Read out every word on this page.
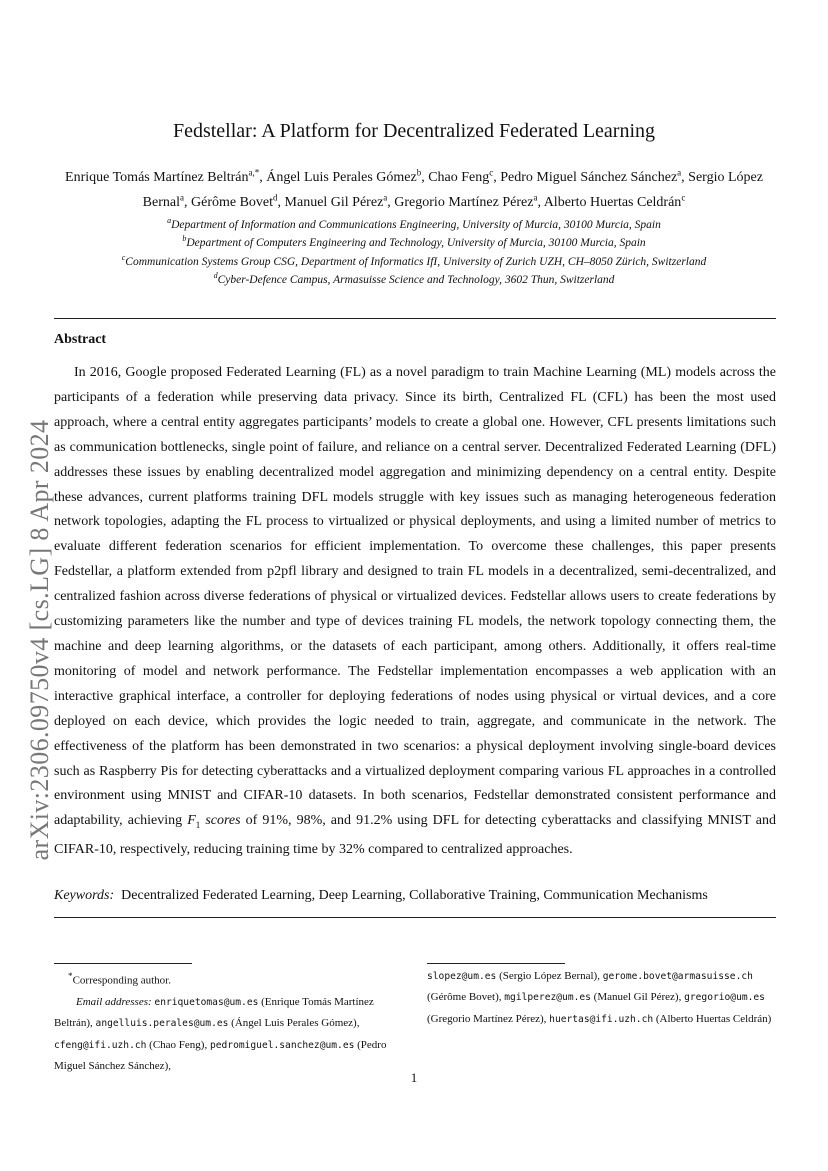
arXiv:2306.09750v4 [cs.LG] 8 Apr 2024
Fedstellar: A Platform for Decentralized Federated Learning
Enrique Tomás Martínez Beltrán$^{a,*}$, Ángel Luis Perales Gómez$^b$, Chao Feng$^c$, Pedro Miguel Sánchez Sánchez$^a$, Sergio López Bernal$^a$, Gérôme Bovet$^d$, Manuel Gil Pérez$^a$, Gregorio Martínez Pérez$^a$, Alberto Huertas Celdrán$^c$
$^a$Department of Information and Communications Engineering, University of Murcia, 30100 Murcia, Spain
$^b$Department of Computers Engineering and Technology, University of Murcia, 30100 Murcia, Spain
$^c$Communication Systems Group CSG, Department of Informatics IfI, University of Zurich UZH, CH–8050 Zürich, Switzerland
$^d$Cyber-Defence Campus, Armasuisse Science and Technology, 3602 Thun, Switzerland
Abstract

In 2016, Google proposed Federated Learning (FL) as a novel paradigm to train Machine Learning (ML) models across the participants of a federation while preserving data privacy. Since its birth, Centralized FL (CFL) has been the most used approach, where a central entity aggregates participants’ models to create a global one. However, CFL presents limitations such as communication bottlenecks, single point of failure, and reliance on a central server. Decentralized Federated Learning (DFL) addresses these issues by enabling decentralized model aggregation and minimizing dependency on a central entity. Despite these advances, current platforms training DFL models struggle with key issues such as managing heterogeneous federation network topologies, adapting the FL process to virtualized or physical deployments, and using a limited number of metrics to evaluate different federation scenarios for efficient implementation. To overcome these challenges, this paper presents Fedstellar, a platform extended from p2pfl library and designed to train FL models in a decentralized, semi-decentralized, and centralized fashion across diverse federations of physical or virtualized devices. Fedstellar allows users to create federations by customizing parameters like the number and type of devices training FL models, the network topology connecting them, the machine and deep learning algorithms, or the datasets of each participant, among others. Additionally, it offers real-time monitoring of model and network performance. The Fedstellar implementation encompasses a web application with an interactive graphical interface, a controller for deploying federations of nodes using physical or virtual devices, and a core deployed on each device, which provides the logic needed to train, aggregate, and communicate in the network. The effectiveness of the platform has been demonstrated in two scenarios: a physical deployment involving single-board devices such as Raspberry Pis for detecting cyberattacks and a virtualized deployment comparing various FL approaches in a controlled environment using MNIST and CIFAR-10 datasets. In both scenarios, Fedstellar demonstrated consistent performance and adaptability, achieving $F_1$ scores of 91%, 98%, and 91.2% using DFL for detecting cyberattacks and classifying MNIST and CIFAR-10, respectively, reducing training time by 32% compared to centralized approaches.

Keywords: Decentralized Federated Learning, Deep Learning, Collaborative Training, Communication Mechanisms
*Corresponding author.
Email addresses: enriquetomas@um.es (Enrique Tomás Martínez Beltrán), angelluis.perales@um.es (Ángel Luis Perales Gómez), cfeng@ifi.uzh.ch (Chao Feng), pedromiguel.sanchez@um.es (Pedro Miguel Sánchez Sánchez),
slopez@um.es (Sergio López Bernal), gerome.bovet@armasuisse.ch (Gérôme Bovet), mgilperez@um.es (Manuel Gil Pérez), gregorio@um.es (Gregorio Martínez Pérez), huertas@ifi.uzh.ch (Alberto Huertas Celdrán)
1
